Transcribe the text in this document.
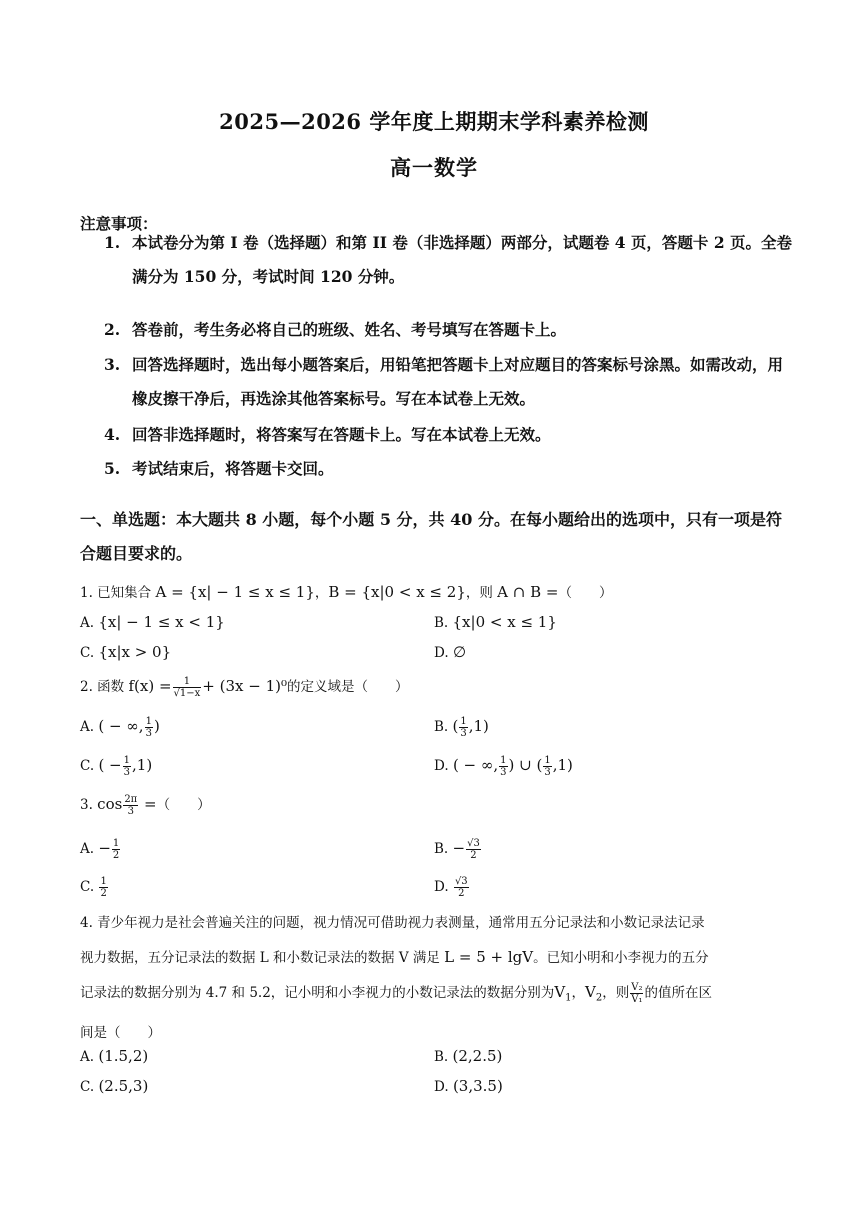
2025—2026 学年度上期期末学科素养检测
高一数学
注意事项：
1. 本试卷分为第 I 卷（选择题）和第 II 卷（非选择题）两部分，试题卷 4 页，答题卡 2 页。全卷满分为 150 分，考试时间 120 分钟。
2. 答卷前，考生务必将自己的班级、姓名、考号填写在答题卡上。
3. 回答选择题时，选出每小题答案后，用铅笔把答题卡上对应题目的答案标号涂黑。如需改动，用橡皮擦干净后，再选涂其他答案标号。写在本试卷上无效。
4. 回答非选择题时，将答案写在答题卡上。写在本试卷上无效。
5. 考试结束后，将答题卡交回。
一、单选题：本大题共 8 小题，每个小题 5 分，共 40 分。在每小题给出的选项中，只有一项是符合题目要求的。
1. 已知集合 A = {x| − 1 ≤ x ≤ 1}，B = {x|0 < x ≤ 2}，则 A ∩ B =（　　）
A. {x| − 1 ≤ x < 1}	B. {x|0 < x ≤ 1}
C. {x|x > 0}	D. ∅
2. 函数 $f(x) = \frac{1}{√1-x} + (3x - 1)^0$的定义域是（　　）
A. ( − ∞, $\frac{1}{3}$ )	B. ( $\frac{1}{3} ,1$)
C. ( − $\frac{1}{3} ,1$)	D. ( − ∞, $\frac{1}{3}$ ) ∪ ( $\frac{1}{3} ,1$)
3. $\cos \frac{2\pi}{3}$ =（　　）
A. − $\frac{1}{2}$	B. − $\frac{√3}{2}$
C. $\frac{1}{2}$	D. $\frac{√3}{2}$
4. 青少年视力是社会普遍关注的问题，视力情况可借助视力表测量，通常用五分记录法和小数记录法记录
视力数据，五分记录法的数据 L 和小数记录法的数据 V 满足 L = 5 + lgV。已知小明和小李视力的五分
记录法的数据分别为 4.7 和 5.2，记小明和小李视力的小数记录法的数据分别为$V_1$，$V_2$，则 $\frac{\text{V₂}}{\text{V₁}}$ 的值所在区
间是（　　）
A. (1.5,2)	B. (2,2.5)
C. (2.5,3)	D. (3,3.5)
